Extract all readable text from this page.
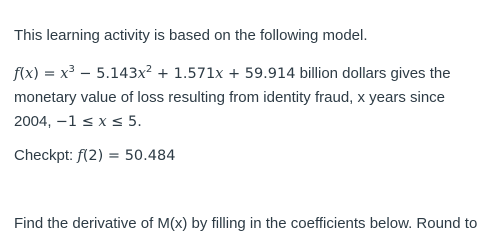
This learning activity is based on the following model.

$f(x) = x^3 - 5.143x^2 + 1.571x + 59.914$ billion dollars gives the monetary value of loss resulting from identity fraud, x years since 2004, −1 ≤ x ≤ 5.

Checkpt: f(2) = 50.484

Find the derivative of M(x) by filling in the coefficients below. Round to
